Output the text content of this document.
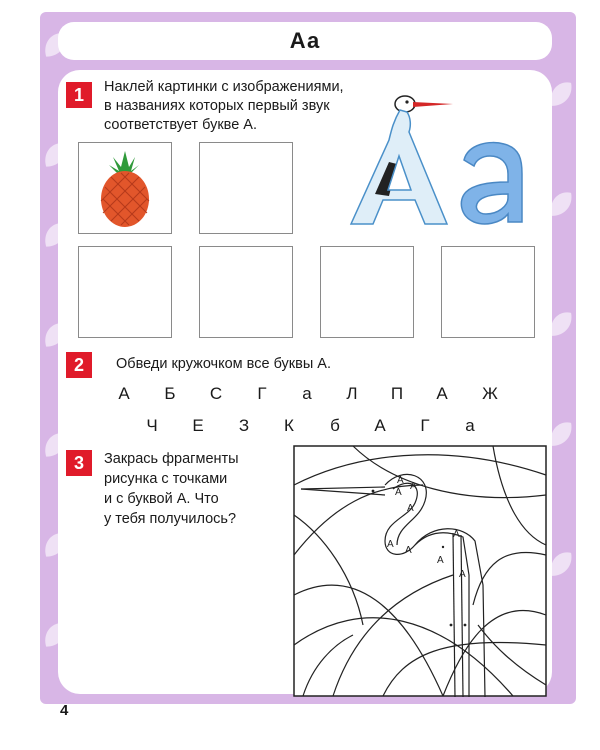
Аа
1	Наклей картинки с изображениями,
в названиях которых первый звук
соответствует букве А.
2	Обведи кружочком все буквы А.
А Б С Г а Л П А Ж
Ч Е З К б А Г а
3	Закрась фрагменты
рисунка с точками
и с буквой А. Что
у тебя получилось?
А
А
А
А
А
А
А
А
А
4
